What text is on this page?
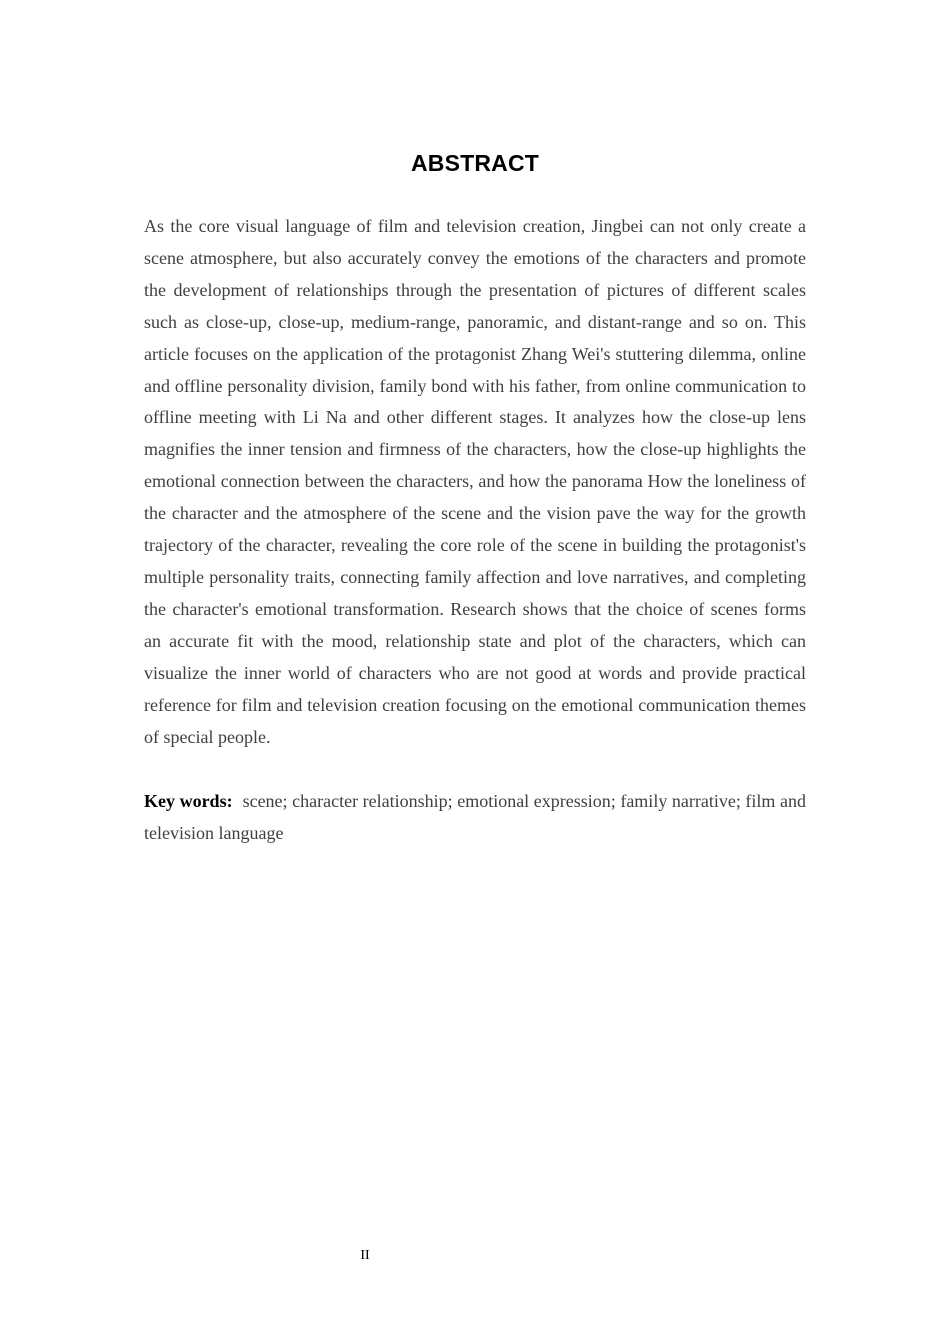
ABSTRACT

As the core visual language of film and television creation, Jingbei can not only create a scene atmosphere, but also accurately convey the emotions of the characters and promote the development of relationships through the presentation of pictures of different scales such as close-up, close-up, medium-range, panoramic, and distant-range and so on. This article focuses on the application of the protagonist Zhang Wei's stuttering dilemma, online and offline personality division, family bond with his father, from online communication to offline meeting with Li Na and other different stages. It analyzes how the close-up lens magnifies the inner tension and firmness of the characters, how the close-up highlights the emotional connection between the characters, and how the panorama How the loneliness of the character and the atmosphere of the scene and the vision pave the way for the growth trajectory of the character, revealing the core role of the scene in building the protagonist's multiple personality traits, connecting family affection and love narratives, and completing the character's emotional transformation. Research shows that the choice of scenes forms an accurate fit with the mood, relationship state and plot of the characters, which can visualize the inner world of characters who are not good at words and provide practical reference for film and television creation focusing on the emotional communication themes of special people.

Key words: scene; character relationship; emotional expression; family narrative; film and television language

II
